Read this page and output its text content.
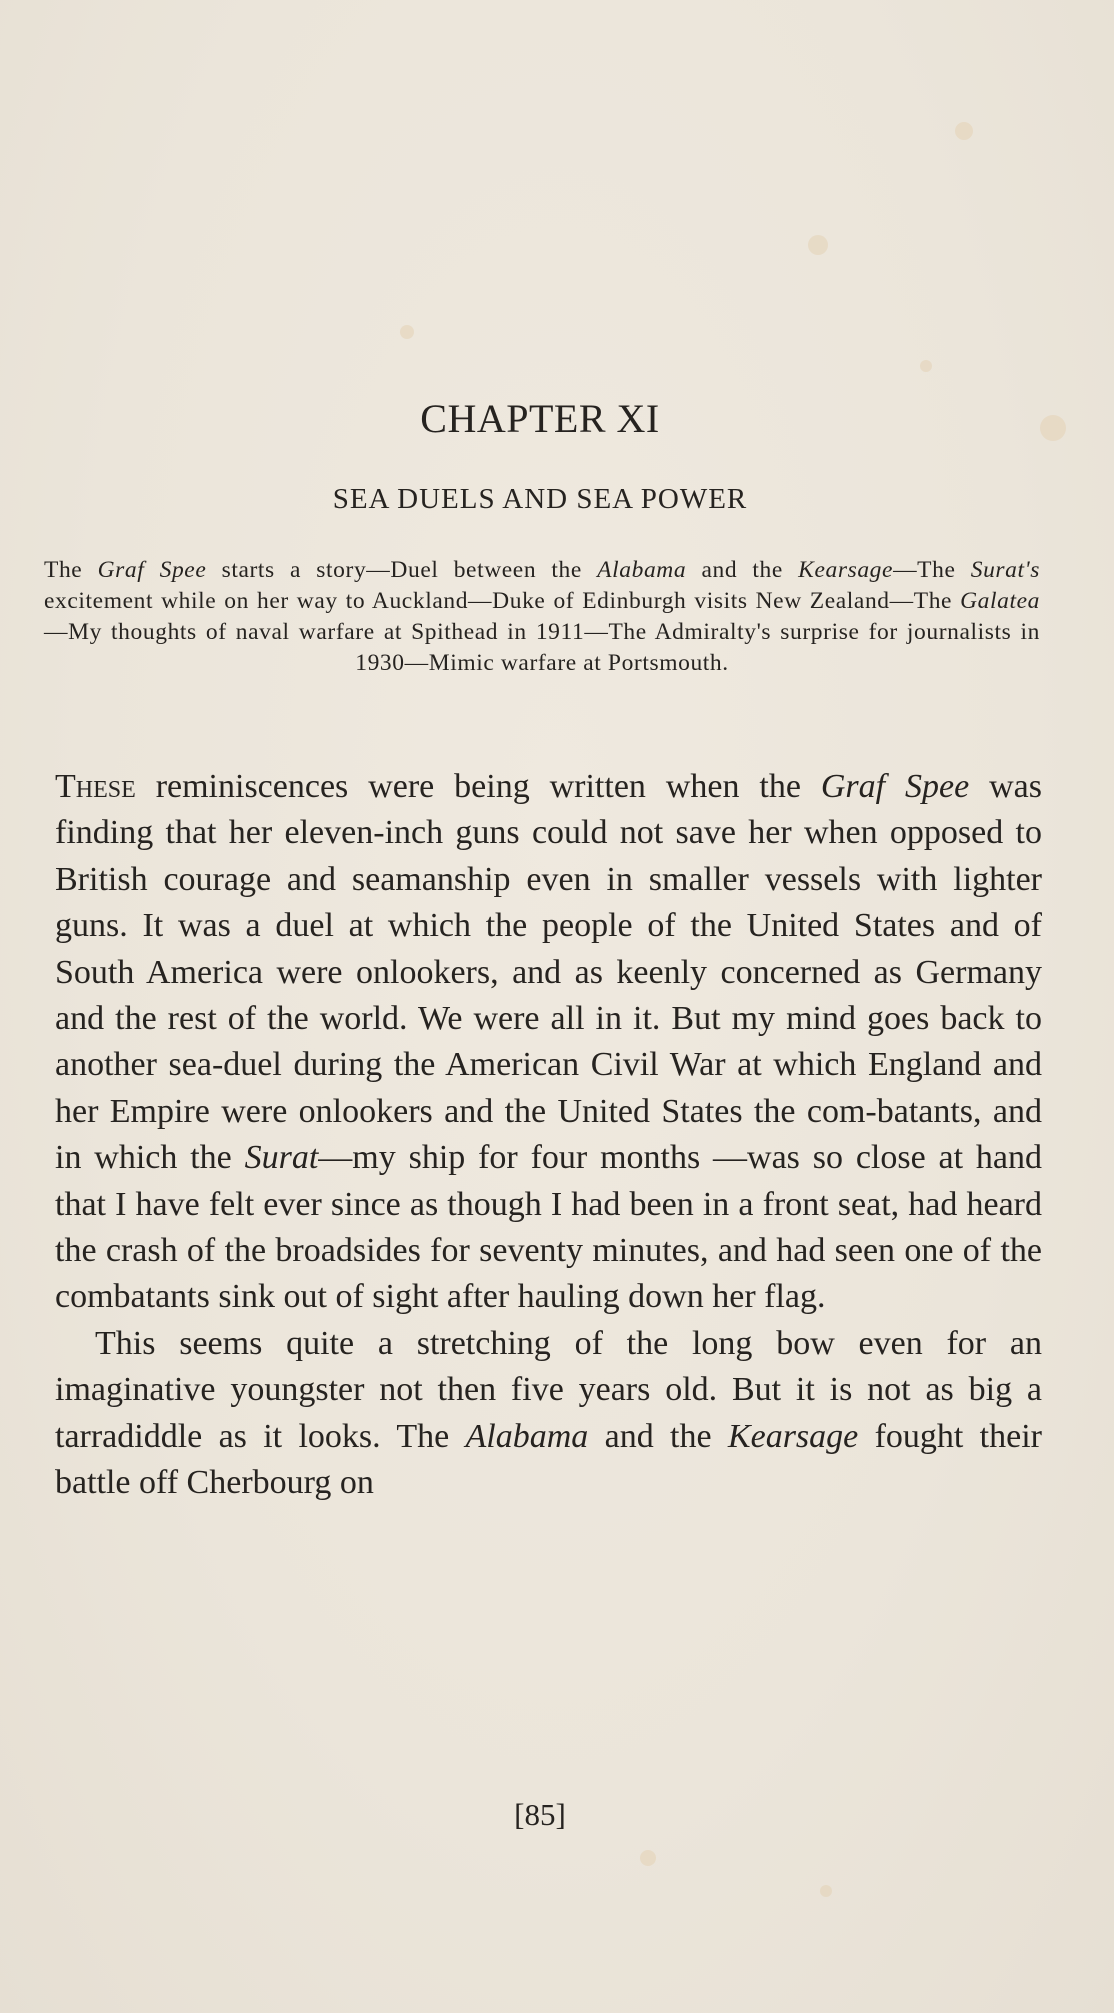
CHAPTER XI
SEA DUELS AND SEA POWER

The Graf Spee starts a story—Duel between the Alabama and the Kearsage—The Surat's excitement while on her way to Auckland—Duke of Edinburgh visits New Zealand—The Galatea—My thoughts of naval warfare at Spithead in 1911—The Admiralty's surprise for journalists in 1930—Mimic warfare at Portsmouth.

These reminiscences were being written when the Graf Spee was finding that her eleven-inch guns could not save her when opposed to British courage and seamanship even in smaller vessels with lighter guns. It was a duel at which the people of the United States and of South America were onlookers, and as keenly concerned as Germany and the rest of the world. We were all in it. But my mind goes back to another sea-duel during the American Civil War at which England and her Empire were onlookers and the United States the com-batants, and in which the Surat—my ship for four months —was so close at hand that I have felt ever since as though I had been in a front seat, had heard the crash of the broadsides for seventy minutes, and had seen one of the combatants sink out of sight after hauling down her flag.

This seems quite a stretching of the long bow even for an imaginative youngster not then five years old. But it is not as big a tarradiddle as it looks. The Alabama and the Kearsage fought their battle off Cherbourg on

[85]
